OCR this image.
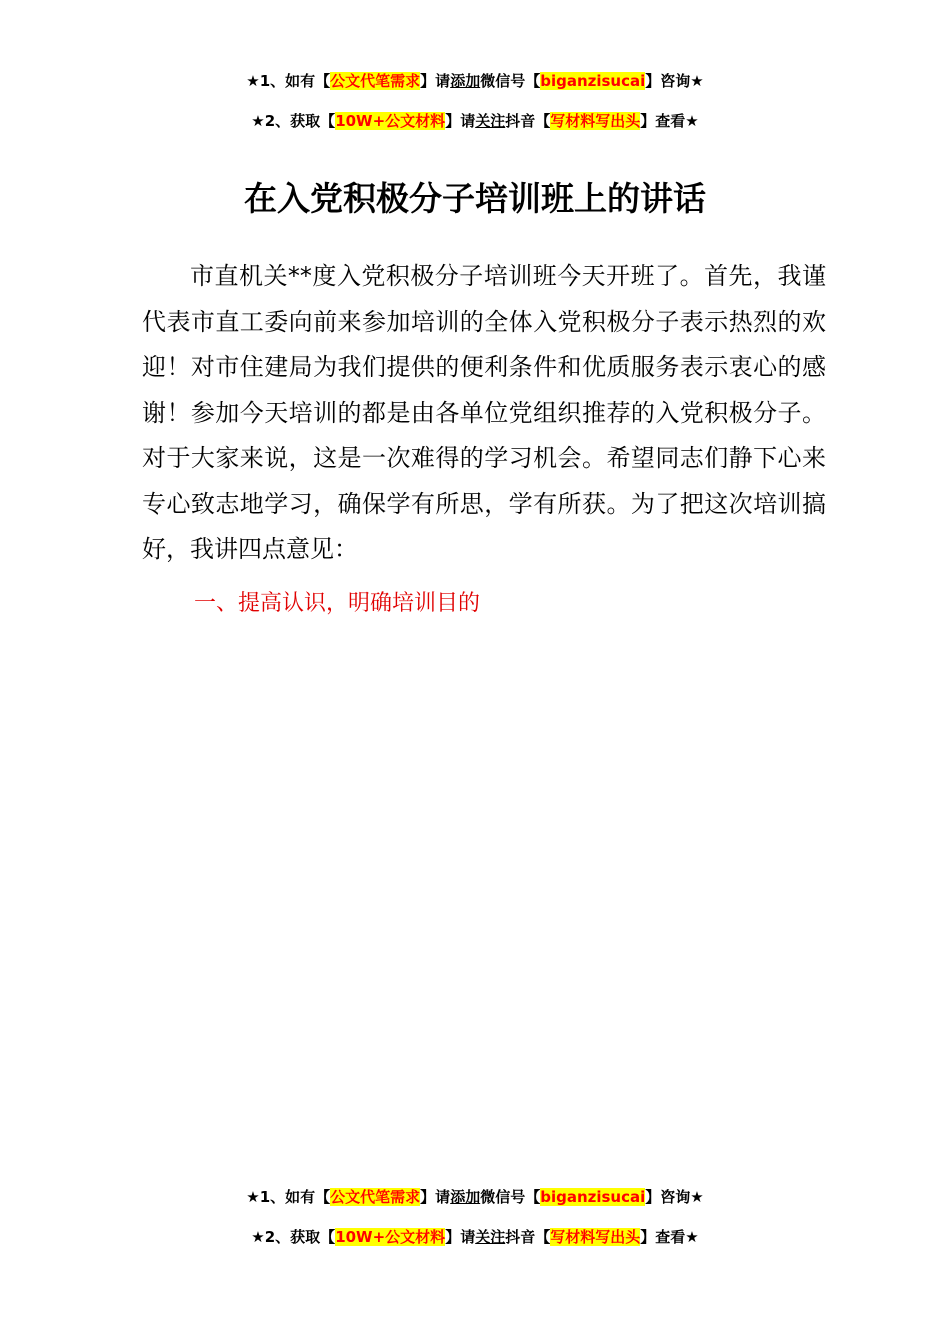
★1、如有【公文代笔需求】请添加微信号【biganzisucai】咨询★
★2、获取【10W+公文材料】请关注抖音【写材料写出头】查看★
在入党积极分子培训班上的讲话

市直机关**度入党积极分子培训班今天开班了。首先，我谨代表市直工委向前来参加培训的全体入党积极分子表示热烈的欢迎！对市住建局为我们提供的便利条件和优质服务表示衷心的感谢！参加今天培训的都是由各单位党组织推荐的入党积极分子。对于大家来说，这是一次难得的学习机会。希望同志们静下心来专心致志地学习，确保学有所思，学有所获。为了把这次培训搞好，我讲四点意见：

一、提高认识，明确培训目的

★1、如有【公文代笔需求】请添加微信号【biganzisucai】咨询★
★2、获取【10W+公文材料】请关注抖音【写材料写出头】查看★
